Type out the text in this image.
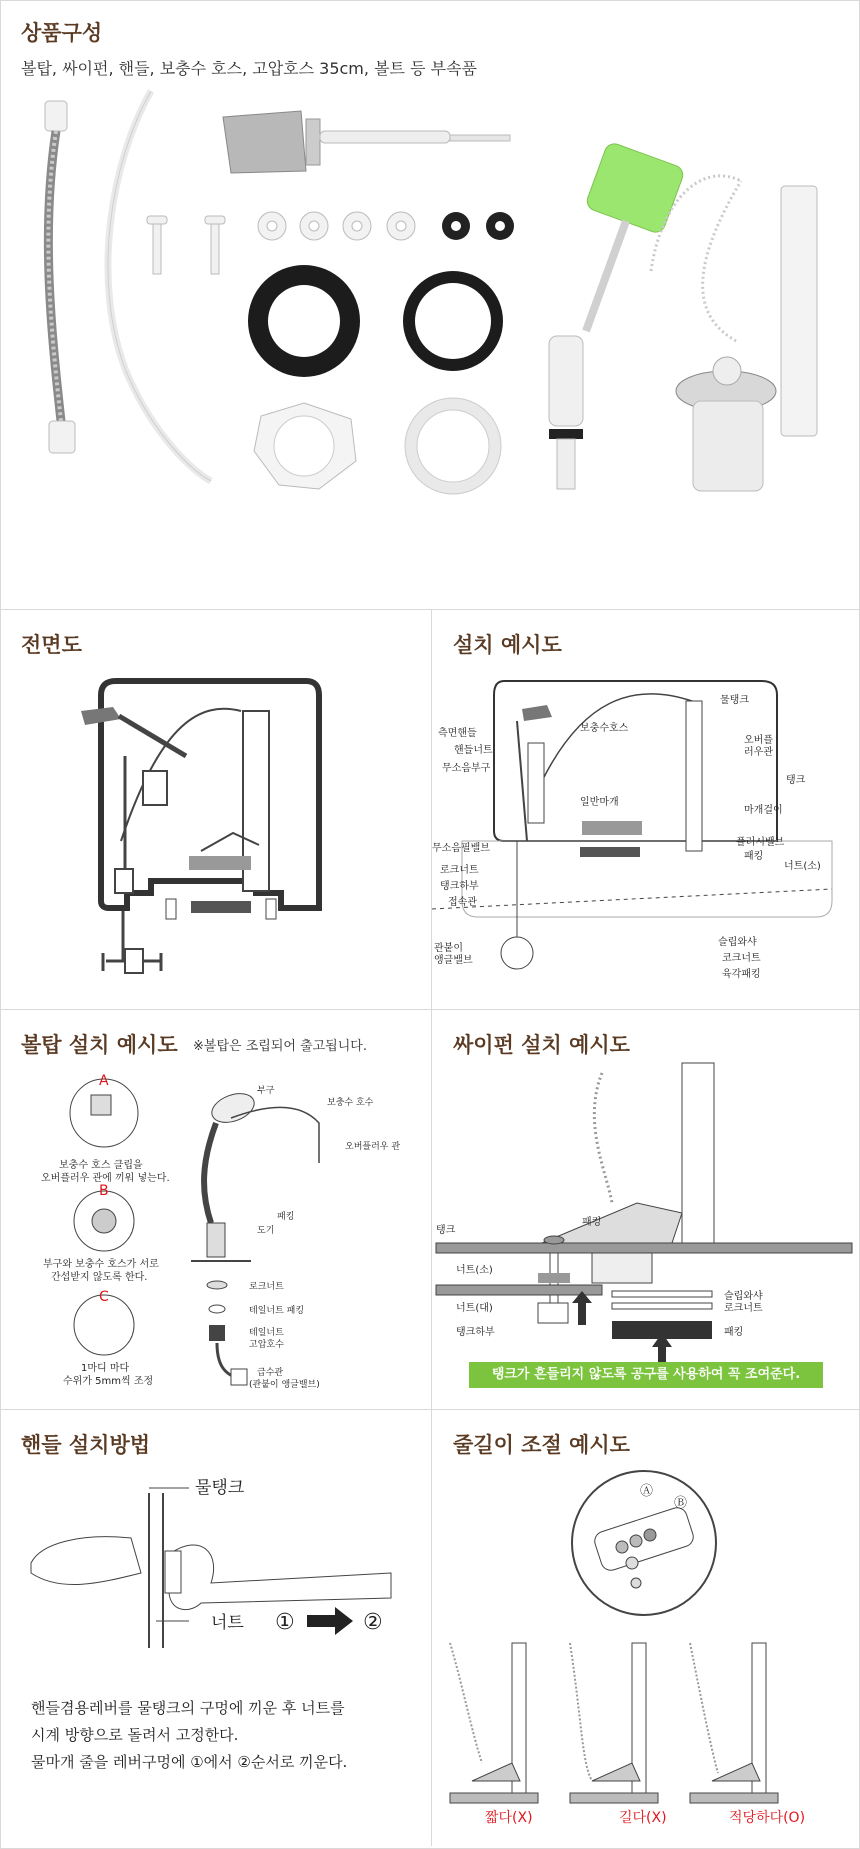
상품구성
볼탑, 싸이펀, 핸들, 보충수 호스, 고압호스 35cm, 볼트 등 부속품
전면도	설치 예시도
측면핸들
핸들너트
무소음부구
보충수호스
물탱크
오버플 러우관
탱크
일반마개
마개걸이
플러시밸브
패킹
무소음필밸브
로크너트
탱크하부
접속관
너트(소)
슬립와샤
코크너트
육각패킹
관붙이 앵글밸브
볼탑 설치 예시도 ※볼탑은 조립되어 출고됩니다.
A
보충수 호스 클립을
오버플러우 관에 끼워 넣는다.
B
부구와 보충수 호스가 서로
간섭받지 않도록 한다.
C
1마디 마다
수위가 5mm씩 조정
부구
보충수 호수
오버플러우 관
패킹
도기
로크너트
테일너트 패킹
테일너트
고압호수
급수관
(관붙이 앵글밸브)
싸이펀 설치 예시도
탱크
패킹
너트(소)
너트(대)
탱크하부
슬립와샤
로크너트
패킹
탱크가 흔들리지 않도록 공구를 사용하여 꼭 조여준다.
핸들 설치방법
물탱크
너트 ①	②
핸들겸용레버를 물탱크의 구멍에 끼운 후 너트를
시계 방향으로 돌려서 고정한다.
물마개 줄을 레버구멍에 ①에서 ②순서로 끼운다.
줄길이 조절 예시도
Ⓐ
Ⓑ
짧다(X)	길다(X)	적당하다(O)
